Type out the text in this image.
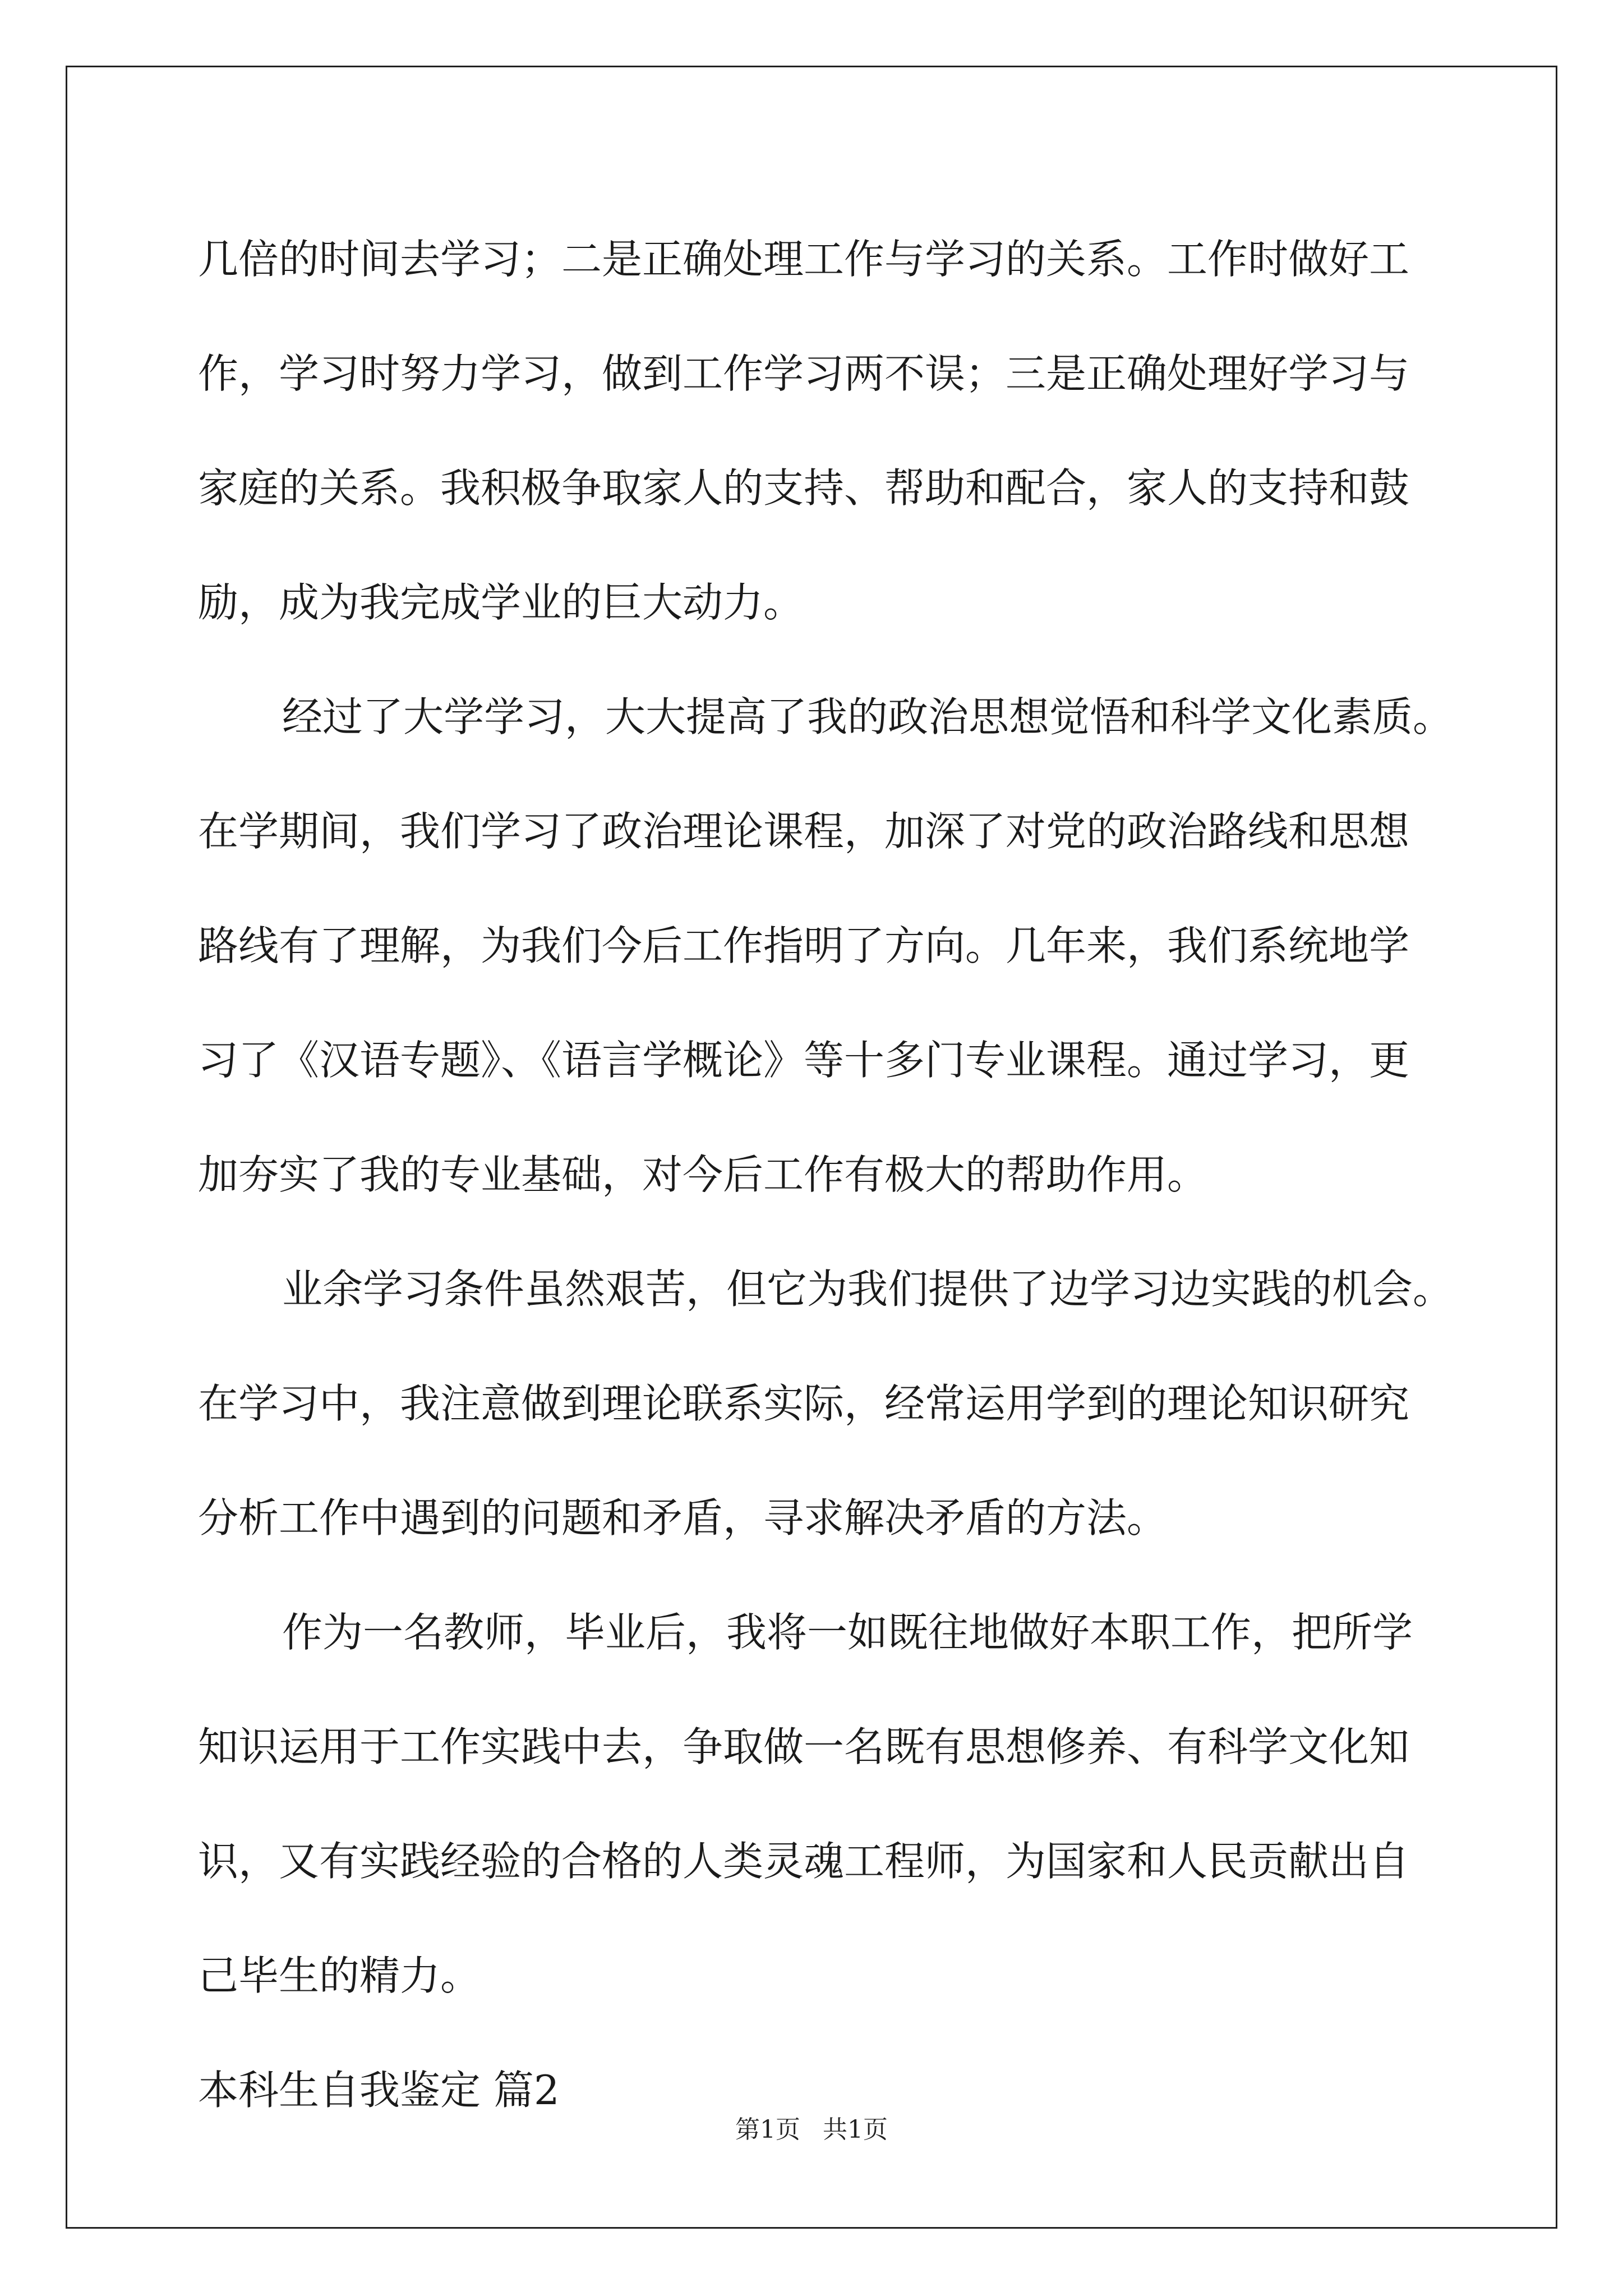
几倍的时间去学习；二是正确处理工作与学习的关系。工作时做好工
作，学习时努力学习，做到工作学习两不误；三是正确处理好学习与
家庭的关系。我积极争取家人的支持、帮助和配合，家人的支持和鼓
励，成为我完成学业的巨大动力。
经过了大学学习，大大提高了我的政治思想觉悟和科学文化素质。
在学期间，我们学习了政治理论课程，加深了对党的政治路线和思想
路线有了理解，为我们今后工作指明了方向。几年来，我们系统地学
习了《汉语专题》、《语言学概论》等十多门专业课程。通过学习，更
加夯实了我的专业基础，对今后工作有极大的帮助作用。
业余学习条件虽然艰苦，但它为我们提供了边学习边实践的机会。
在学习中，我注意做到理论联系实际，经常运用学到的理论知识研究
分析工作中遇到的问题和矛盾，寻求解决矛盾的方法。
作为一名教师，毕业后，我将一如既往地做好本职工作，把所学
知识运用于工作实践中去，争取做一名既有思想修养、有科学文化知
识，又有实践经验的合格的人类灵魂工程师，为国家和人民贡献出自
己毕生的精力。
本科生自我鉴定 篇2
第1页 共1页
